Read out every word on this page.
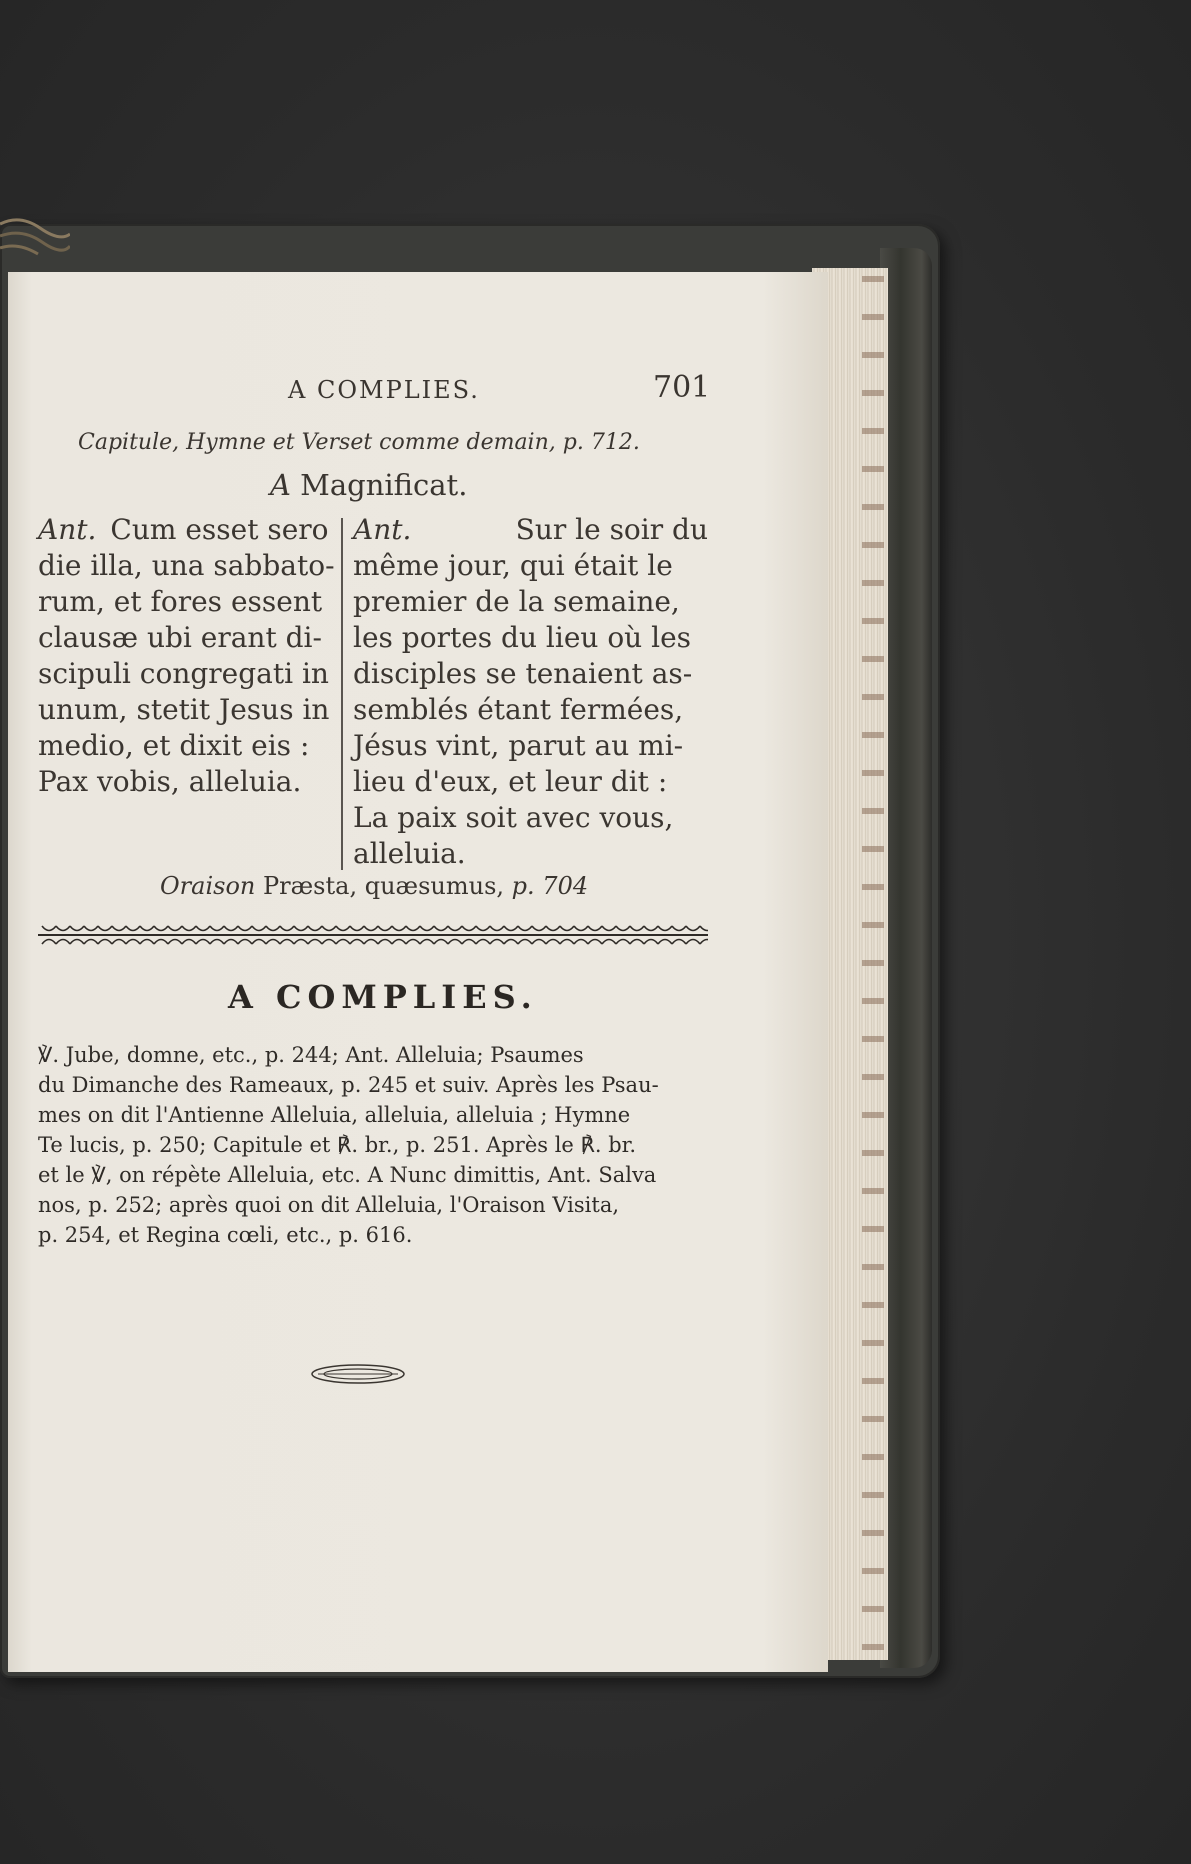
A COMPLIES.	701
Capitule, Hymne et Verset comme demain, p. 712.
A Magnificat.
Ant. Cum esset sero
die illa, una sabbato-
rum, et fores essent
clausæ ubi erant di-
scipuli congregati in
unum, stetit Jesus in
medio, et dixit eis :
Pax vobis, alleluia.
Ant.	Sur le soir du
même jour, qui était le
premier de la semaine,
les portes du lieu où les
disciples se tenaient as-
semblés étant fermées,
Jésus vint, parut au mi-
lieu d'eux, et leur dit :
La paix soit avec vous,
alleluia.
Oraison Præsta, quæsumus, p. 704
A COMPLIES.
℣. Jube, domne, etc., p. 244; Ant. Alleluia; Psaumes
du Dimanche des Rameaux, p. 245 et suiv. Après les Psau-
mes on dit l'Antienne Alleluia, alleluia, alleluia ; Hymne
Te lucis, p. 250; Capitule et ℟. br., p. 251. Après le ℟. br.
et le ℣, on répète Alleluia, etc. A Nunc dimittis, Ant. Salva
nos, p. 252; après quoi on dit Alleluia, l'Oraison Visita,
p. 254, et Regina cœli, etc., p. 616.
